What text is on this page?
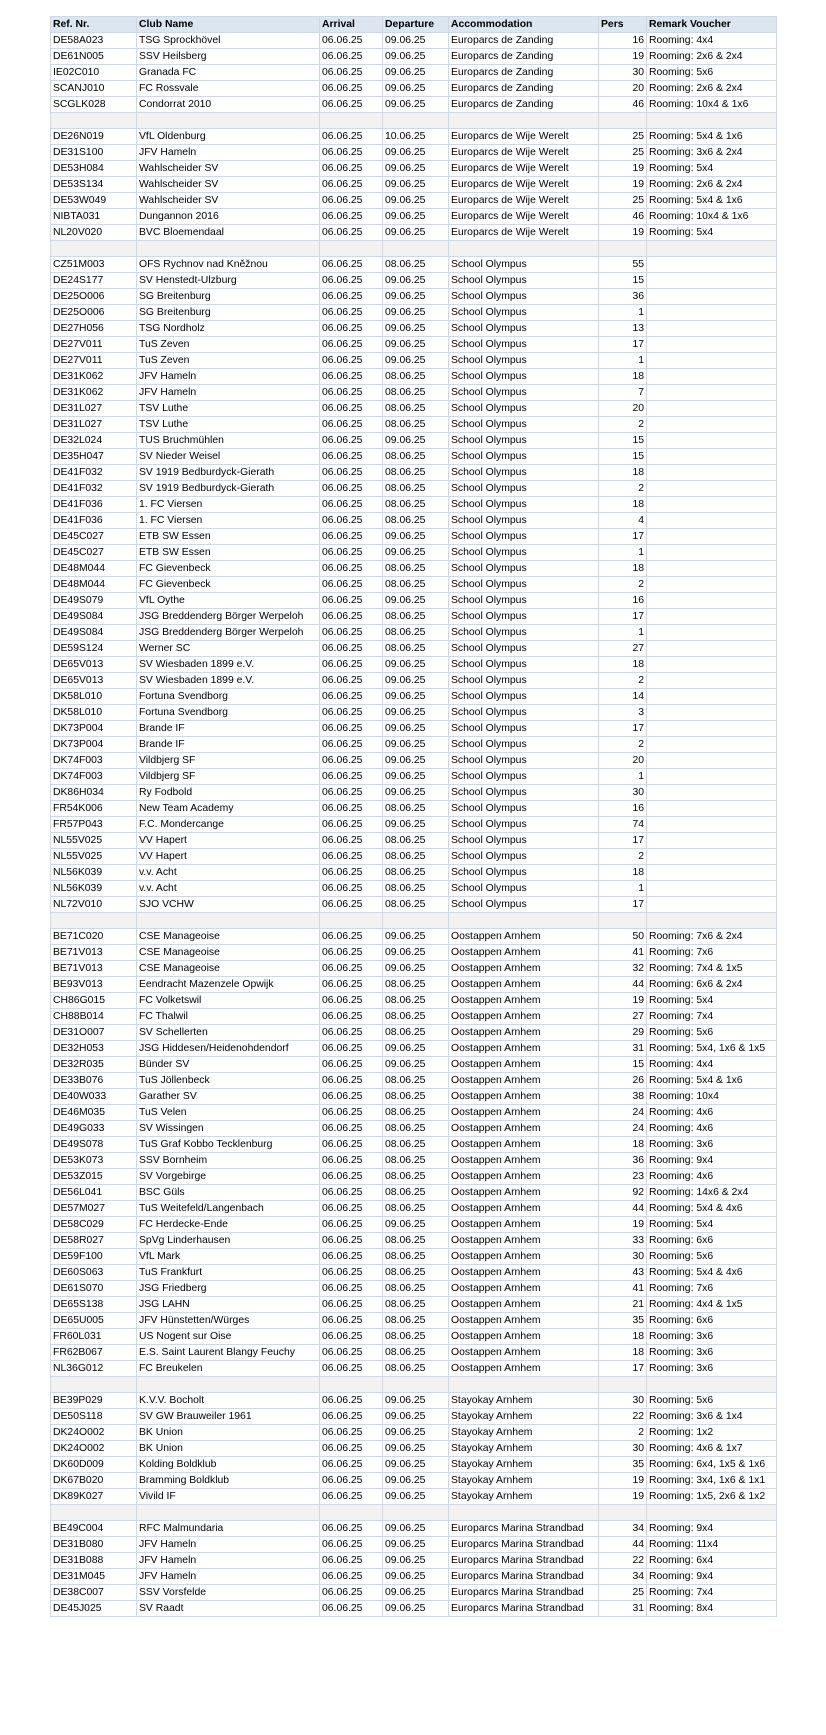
Ref. Nr.	Club Name	Arrival	Departure	Accommodation	Pers	Remark Voucher
DE58A023	TSG Sprockhövel	06.06.25	09.06.25	Europarcs de Zanding	16	Rooming: 4x4
DE61N005	SSV Heilsberg	06.06.25	09.06.25	Europarcs de Zanding	19	Rooming: 2x6 & 2x4
IE02C010	Granada FC	06.06.25	09.06.25	Europarcs de Zanding	30	Rooming: 5x6
SCANJ010	FC Rossvale	06.06.25	09.06.25	Europarcs de Zanding	20	Rooming: 2x6 & 2x4
SCGLK028	Condorrat 2010	06.06.25	09.06.25	Europarcs de Zanding	46	Rooming: 10x4 & 1x6

DE26N019	VfL Oldenburg	06.06.25	10.06.25	Europarcs de Wije Werelt	25	Rooming: 5x4 & 1x6
DE31S100	JFV Hameln	06.06.25	09.06.25	Europarcs de Wije Werelt	25	Rooming: 3x6 & 2x4
DE53H084	Wahlscheider SV	06.06.25	09.06.25	Europarcs de Wije Werelt	19	Rooming: 5x4
DE53S134	Wahlscheider SV	06.06.25	09.06.25	Europarcs de Wije Werelt	19	Rooming: 2x6 & 2x4
DE53W049	Wahlscheider SV	06.06.25	09.06.25	Europarcs de Wije Werelt	25	Rooming: 5x4 & 1x6
NIBTA031	Dungannon 2016	06.06.25	09.06.25	Europarcs de Wije Werelt	46	Rooming: 10x4 & 1x6
NL20V020	BVC Bloemendaal	06.06.25	09.06.25	Europarcs de Wije Werelt	19	Rooming: 5x4

CZ51M003	OFS Rychnov nad Kněžnou	06.06.25	08.06.25	School Olympus	55	
DE24S177	SV Henstedt-Ulzburg	06.06.25	09.06.25	School Olympus	15	
DE25O006	SG Breitenburg	06.06.25	09.06.25	School Olympus	36	
DE25O006	SG Breitenburg	06.06.25	09.06.25	School Olympus	1	
DE27H056	TSG Nordholz	06.06.25	09.06.25	School Olympus	13	
DE27V011	TuS Zeven	06.06.25	09.06.25	School Olympus	17	
DE27V011	TuS Zeven	06.06.25	09.06.25	School Olympus	1	
DE31K062	JFV Hameln	06.06.25	08.06.25	School Olympus	18	
DE31K062	JFV Hameln	06.06.25	08.06.25	School Olympus	7	
DE31L027	TSV Luthe	06.06.25	08.06.25	School Olympus	20	
DE31L027	TSV Luthe	06.06.25	08.06.25	School Olympus	2	
DE32L024	TUS Bruchmühlen	06.06.25	09.06.25	School Olympus	15	
DE35H047	SV Nieder Weisel	06.06.25	08.06.25	School Olympus	15	
DE41F032	SV 1919 Bedburdyck-Gierath	06.06.25	08.06.25	School Olympus	18	
DE41F032	SV 1919 Bedburdyck-Gierath	06.06.25	08.06.25	School Olympus	2	
DE41F036	1. FC Viersen	06.06.25	08.06.25	School Olympus	18	
DE41F036	1. FC Viersen	06.06.25	08.06.25	School Olympus	4	
DE45C027	ETB SW Essen	06.06.25	09.06.25	School Olympus	17	
DE45C027	ETB SW Essen	06.06.25	09.06.25	School Olympus	1	
DE48M044	FC Gievenbeck	06.06.25	08.06.25	School Olympus	18	
DE48M044	FC Gievenbeck	06.06.25	08.06.25	School Olympus	2	
DE49S079	VfL Oythe	06.06.25	09.06.25	School Olympus	16	
DE49S084	JSG Breddenderg Börger Werpeloh	06.06.25	08.06.25	School Olympus	17	
DE49S084	JSG Breddenderg Börger Werpeloh	06.06.25	08.06.25	School Olympus	1	
DE59S124	Werner SC	06.06.25	08.06.25	School Olympus	27	
DE65V013	SV Wiesbaden 1899 e.V.	06.06.25	09.06.25	School Olympus	18	
DE65V013	SV Wiesbaden 1899 e.V.	06.06.25	09.06.25	School Olympus	2	
DK58L010	Fortuna Svendborg	06.06.25	09.06.25	School Olympus	14	
DK58L010	Fortuna Svendborg	06.06.25	09.06.25	School Olympus	3	
DK73P004	Brande IF	06.06.25	09.06.25	School Olympus	17	
DK73P004	Brande IF	06.06.25	09.06.25	School Olympus	2	
DK74F003	Vildbjerg SF	06.06.25	09.06.25	School Olympus	20	
DK74F003	Vildbjerg SF	06.06.25	09.06.25	School Olympus	1	
DK86H034	Ry Fodbold	06.06.25	09.06.25	School Olympus	30	
FR54K006	New Team Academy	06.06.25	08.06.25	School Olympus	16	
FR57P043	F.C. Mondercange	06.06.25	09.06.25	School Olympus	74	
NL55V025	VV Hapert	06.06.25	08.06.25	School Olympus	17	
NL55V025	VV Hapert	06.06.25	08.06.25	School Olympus	2	
NL56K039	v.v. Acht	06.06.25	08.06.25	School Olympus	18	
NL56K039	v.v. Acht	06.06.25	08.06.25	School Olympus	1	
NL72V010	SJO VCHW	06.06.25	08.06.25	School Olympus	17	

BE71C020	CSE Manageoise	06.06.25	09.06.25	Oostappen Arnhem	50	Rooming: 7x6 & 2x4
BE71V013	CSE Manageoise	06.06.25	09.06.25	Oostappen Arnhem	41	Rooming: 7x6
BE71V013	CSE Manageoise	06.06.25	09.06.25	Oostappen Arnhem	32	Rooming: 7x4 & 1x5
BE93V013	Eendracht Mazenzele Opwijk	06.06.25	08.06.25	Oostappen Arnhem	44	Rooming: 6x6 & 2x4
CH86G015	FC Volketswil	06.06.25	08.06.25	Oostappen Arnhem	19	Rooming: 5x4
CH88B014	FC Thalwil	06.06.25	08.06.25	Oostappen Arnhem	27	Rooming: 7x4
DE31O007	SV Schellerten	06.06.25	08.06.25	Oostappen Arnhem	29	Rooming: 5x6
DE32H053	JSG Hiddesen/Heidenohdendorf	06.06.25	09.06.25	Oostappen Arnhem	31	Rooming: 5x4, 1x6 & 1x5
DE32R035	Bünder SV	06.06.25	09.06.25	Oostappen Arnhem	15	Rooming: 4x4
DE33B076	TuS Jöllenbeck	06.06.25	08.06.25	Oostappen Arnhem	26	Rooming: 5x4 & 1x6
DE40W033	Garather SV	06.06.25	08.06.25	Oostappen Arnhem	38	Rooming: 10x4
DE46M035	TuS Velen	06.06.25	08.06.25	Oostappen Arnhem	24	Rooming: 4x6
DE49G033	SV Wissingen	06.06.25	08.06.25	Oostappen Arnhem	24	Rooming: 4x6
DE49S078	TuS Graf Kobbo Tecklenburg	06.06.25	08.06.25	Oostappen Arnhem	18	Rooming: 3x6
DE53K073	SSV Bornheim	06.06.25	08.06.25	Oostappen Arnhem	36	Rooming: 9x4
DE53Z015	SV Vorgebirge	06.06.25	08.06.25	Oostappen Arnhem	23	Rooming: 4x6
DE56L041	BSC Güls	06.06.25	08.06.25	Oostappen Arnhem	92	Rooming: 14x6 & 2x4
DE57M027	TuS Weitefeld/Langenbach	06.06.25	08.06.25	Oostappen Arnhem	44	Rooming: 5x4 & 4x6
DE58C029	FC Herdecke-Ende	06.06.25	09.06.25	Oostappen Arnhem	19	Rooming: 5x4
DE58R027	SpVg Linderhausen	06.06.25	08.06.25	Oostappen Arnhem	33	Rooming: 6x6
DE59F100	VfL Mark	06.06.25	08.06.25	Oostappen Arnhem	30	Rooming: 5x6
DE60S063	TuS Frankfurt	06.06.25	08.06.25	Oostappen Arnhem	43	Rooming: 5x4 & 4x6
DE61S070	JSG Friedberg	06.06.25	08.06.25	Oostappen Arnhem	41	Rooming: 7x6
DE65S138	JSG LAHN	06.06.25	08.06.25	Oostappen Arnhem	21	Rooming: 4x4 & 1x5
DE65U005	JFV Hünstetten/Würges	06.06.25	08.06.25	Oostappen Arnhem	35	Rooming: 6x6
FR60L031	US Nogent sur Oise	06.06.25	08.06.25	Oostappen Arnhem	18	Rooming: 3x6
FR62B067	E.S. Saint Laurent Blangy Feuchy	06.06.25	08.06.25	Oostappen Arnhem	18	Rooming: 3x6
NL36G012	FC Breukelen	06.06.25	08.06.25	Oostappen Arnhem	17	Rooming: 3x6

BE39P029	K.V.V. Bocholt	06.06.25	09.06.25	Stayokay Arnhem	30	Rooming: 5x6
DE50S118	SV GW Brauweiler 1961	06.06.25	09.06.25	Stayokay Arnhem	22	Rooming: 3x6 & 1x4
DK24O002	BK Union	06.06.25	09.06.25	Stayokay Arnhem	2	Rooming: 1x2
DK24O002	BK Union	06.06.25	09.06.25	Stayokay Arnhem	30	Rooming: 4x6 & 1x7
DK60D009	Kolding Boldklub	06.06.25	09.06.25	Stayokay Arnhem	35	Rooming: 6x4, 1x5 & 1x6
DK67B020	Bramming Boldklub	06.06.25	09.06.25	Stayokay Arnhem	19	Rooming: 3x4, 1x6 & 1x1
DK89K027	Vivild IF	06.06.25	09.06.25	Stayokay Arnhem	19	Rooming: 1x5, 2x6 & 1x2

BE49C004	RFC Malmundaria	06.06.25	09.06.25	Europarcs Marina Strandbad	34	Rooming: 9x4
DE31B080	JFV Hameln	06.06.25	09.06.25	Europarcs Marina Strandbad	44	Rooming: 11x4
DE31B088	JFV Hameln	06.06.25	09.06.25	Europarcs Marina Strandbad	22	Rooming: 6x4
DE31M045	JFV Hameln	06.06.25	09.06.25	Europarcs Marina Strandbad	34	Rooming: 9x4
DE38C007	SSV Vorsfelde	06.06.25	09.06.25	Europarcs Marina Strandbad	25	Rooming: 7x4
DE45J025	SV Raadt	06.06.25	09.06.25	Europarcs Marina Strandbad	31	Rooming: 8x4
